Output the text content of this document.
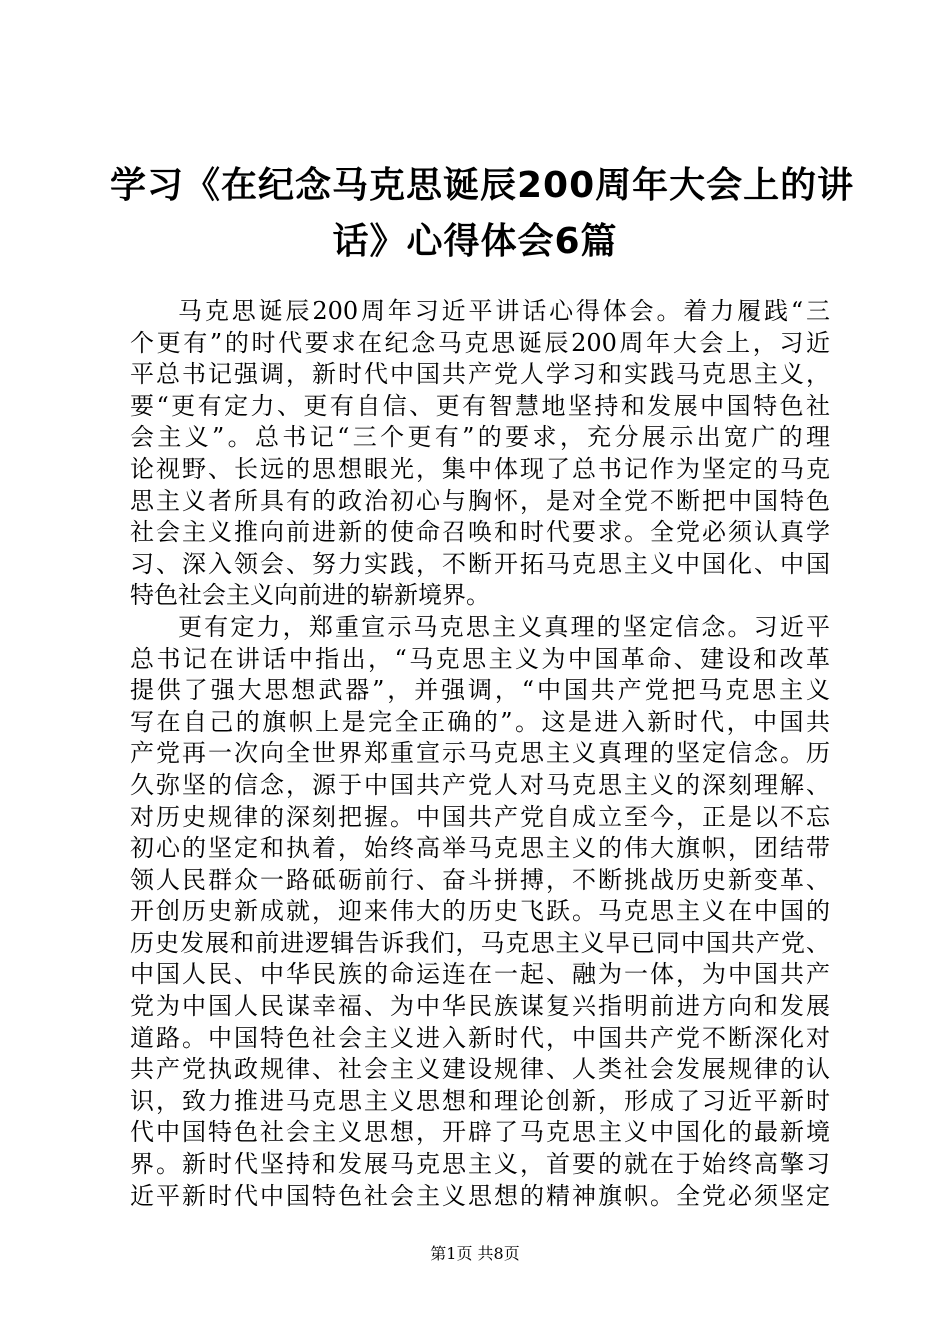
学习《在纪念马克思诞辰200周年大会上的讲
话》心得体会6篇

马克思诞辰200周年习近平讲话心得体会。着力履践“三
个更有”的时代要求在纪念马克思诞辰200周年大会上，习近
平总书记强调，新时代中国共产党人学习和实践马克思主义，
要“更有定力、更有自信、更有智慧地坚持和发展中国特色社
会主义”。总书记“三个更有”的要求，充分展示出宽广的理
论视野、长远的思想眼光，集中体现了总书记作为坚定的马克
思主义者所具有的政治初心与胸怀，是对全党不断把中国特色
社会主义推向前进新的使命召唤和时代要求。全党必须认真学
习、深入领会、努力实践，不断开拓马克思主义中国化、中国
特色社会主义向前进的崭新境界。

更有定力，郑重宣示马克思主义真理的坚定信念。习近平
总书记在讲话中指出，“马克思主义为中国革命、建设和改革
提供了强大思想武器”，并强调，“中国共产党把马克思主义
写在自己的旗帜上是完全正确的”。这是进入新时代，中国共
产党再一次向全世界郑重宣示马克思主义真理的坚定信念。历
久弥坚的信念，源于中国共产党人对马克思主义的深刻理解、
对历史规律的深刻把握。中国共产党自成立至今，正是以不忘
初心的坚定和执着，始终高举马克思主义的伟大旗帜，团结带
领人民群众一路砥砺前行、奋斗拼搏，不断挑战历史新变革、
开创历史新成就，迎来伟大的历史飞跃。马克思主义在中国的
历史发展和前进逻辑告诉我们，马克思主义早已同中国共产党、
中国人民、中华民族的命运连在一起、融为一体，为中国共产
党为中国人民谋幸福、为中华民族谋复兴指明前进方向和发展
道路。中国特色社会主义进入新时代，中国共产党不断深化对
共产党执政规律、社会主义建设规律、人类社会发展规律的认
识，致力推进马克思主义思想和理论创新，形成了习近平新时
代中国特色社会主义思想，开辟了马克思主义中国化的最新境
界。新时代坚持和发展马克思主义，首要的就在于始终高擎习
近平新时代中国特色社会主义思想的精神旗帜。全党必须坚定

第1页 共8页
